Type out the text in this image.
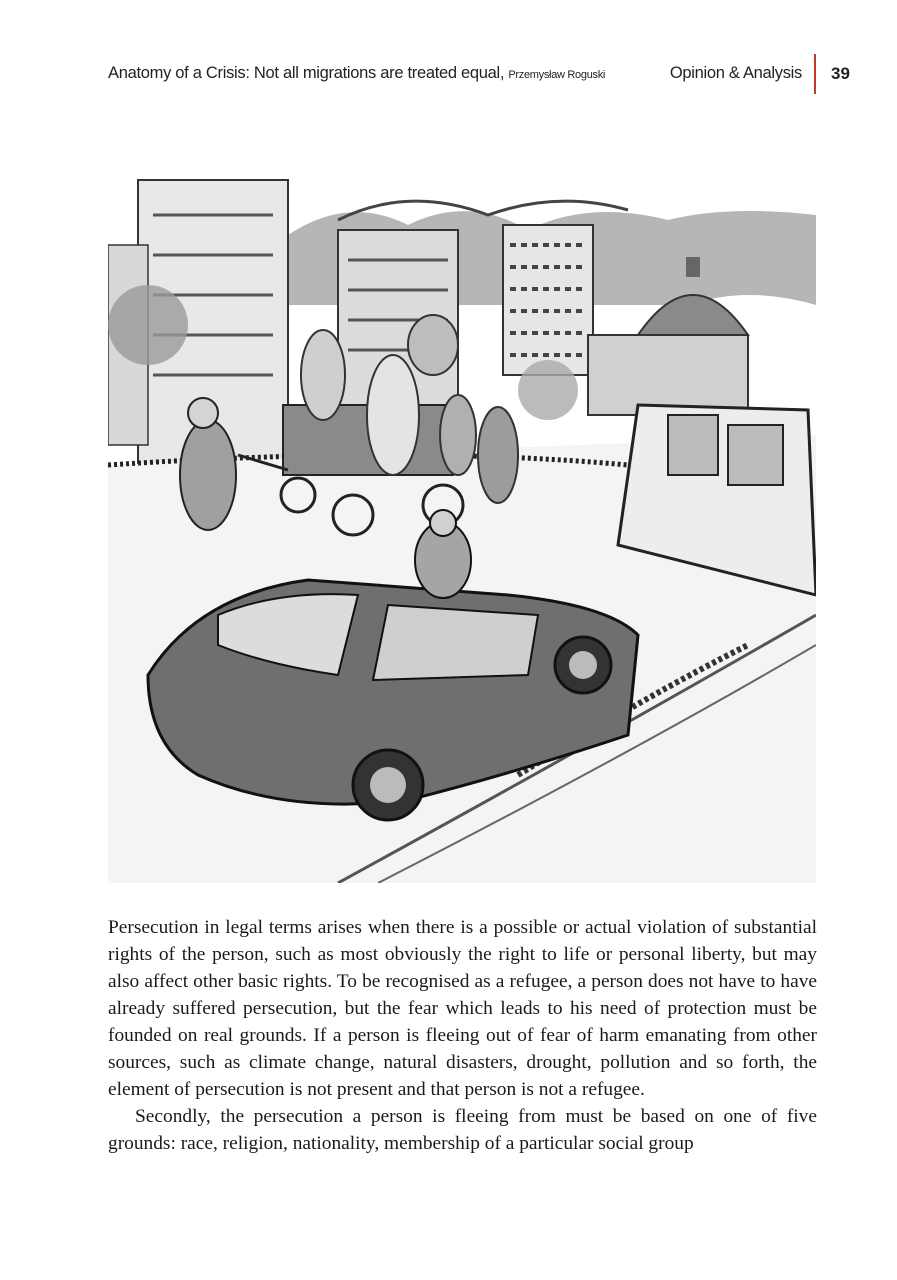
Anatomy of a Crisis: Not all migrations are treated equal, Przemysław Roguski	Opinion & Analysis 39

Persecution in legal terms arises when there is a possible or actual violation of substantial rights of the person, such as most obviously the right to life or personal liberty, but may also affect other basic rights. To be recognised as a refugee, a person does not have to have already suffered persecution, but the fear which leads to his need of protection must be founded on real grounds. If a person is fleeing out of fear of harm emanating from other sources, such as climate change, natural disasters, drought, pollution and so forth, the element of persecution is not present and that person is not a refugee.

Secondly, the persecution a person is fleeing from must be based on one of five grounds: race, religion, nationality, membership of a particular social group
